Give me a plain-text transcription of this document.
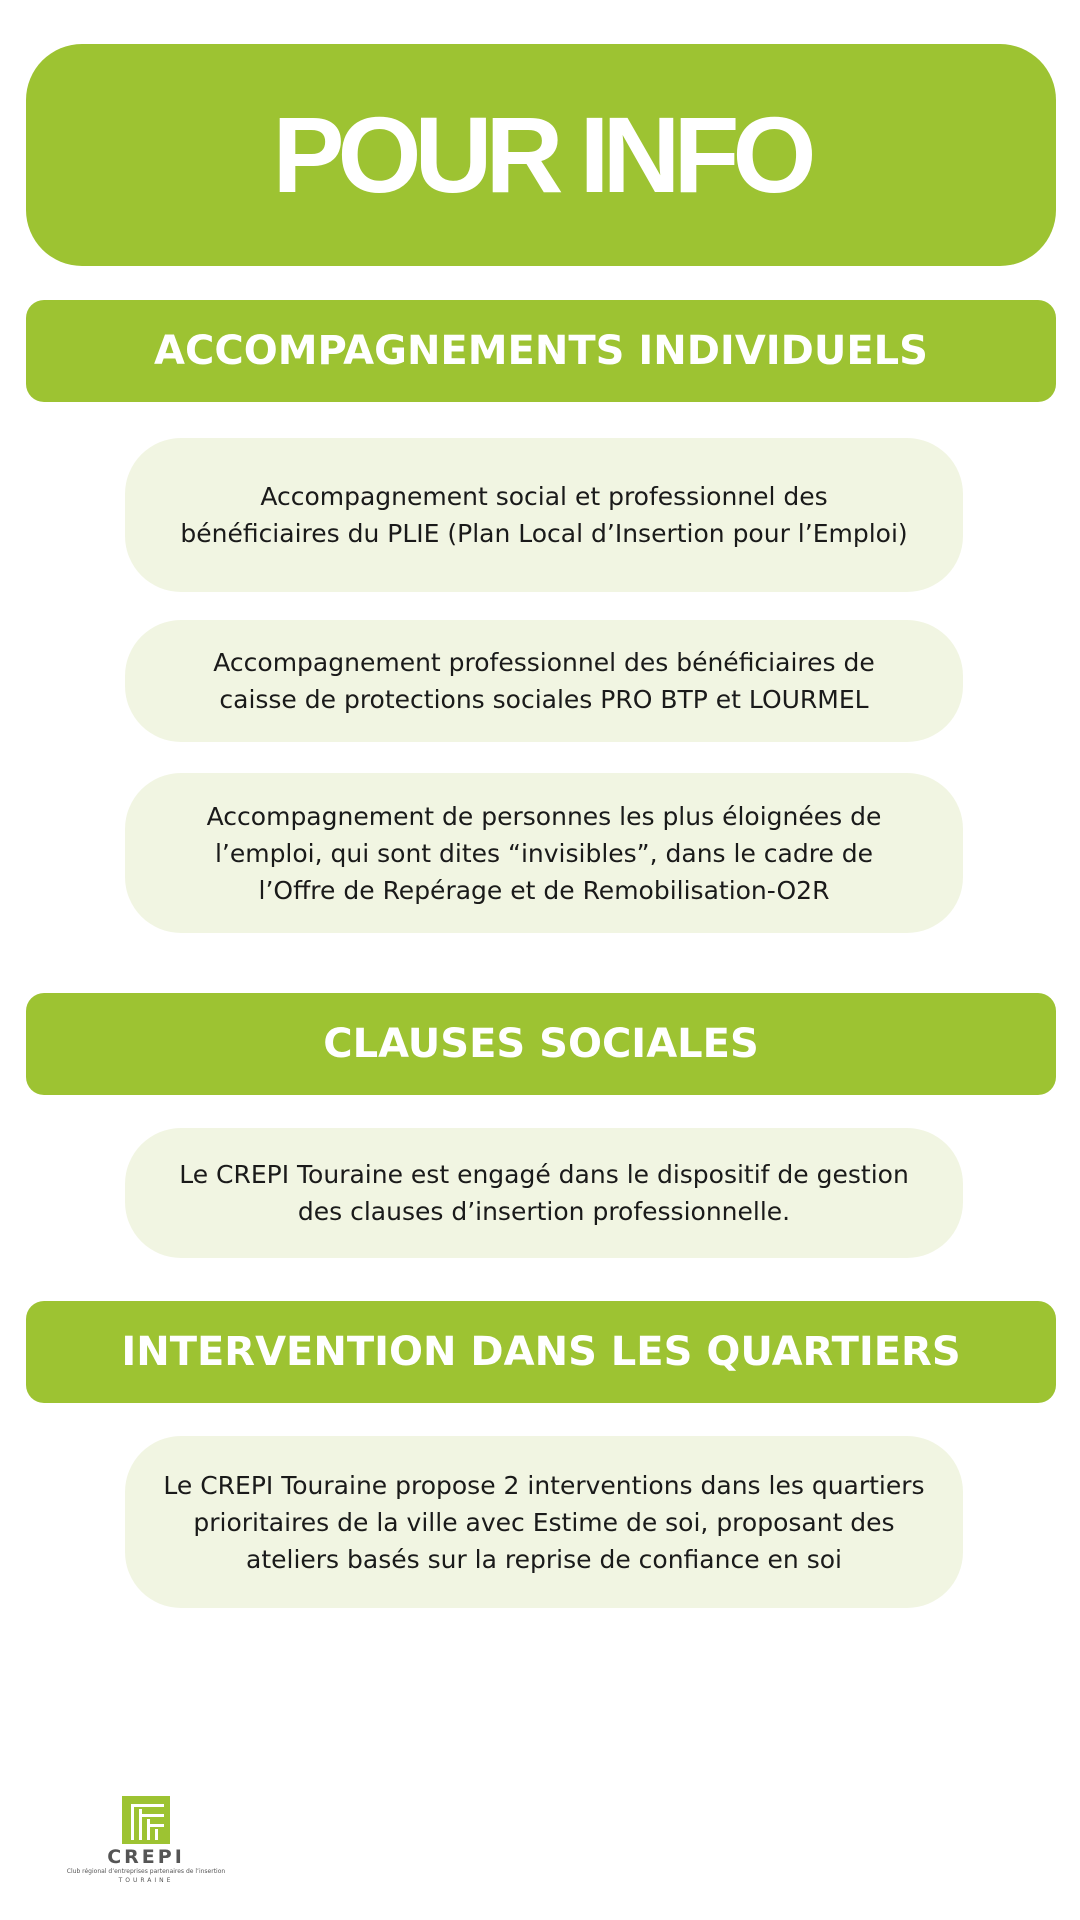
POUR INFO
ACCOMPAGNEMENTS INDIVIDUELS

Accompagnement social et professionnel des
bénéficiaires du PLIE (Plan Local d’Insertion pour l’Emploi)

Accompagnement professionnel des bénéficiaires de
caisse de protections sociales PRO BTP et LOURMEL

Accompagnement de personnes les plus éloignées de
l’emploi, qui sont dites “invisibles”, dans le cadre de
l’Offre de Repérage et de Remobilisation-O2R

CLAUSES SOCIALES

Le CREPI Touraine est engagé dans le dispositif de gestion
des clauses d’insertion professionnelle.

INTERVENTION DANS LES QUARTIERS

Le CREPI Touraine propose 2 interventions dans les quartiers
prioritaires de la ville avec Estime de soi, proposant des
ateliers basés sur la reprise de confiance en soi

CREPI
Club régional d’entreprises partenaires de l’insertion
TOURAINE
